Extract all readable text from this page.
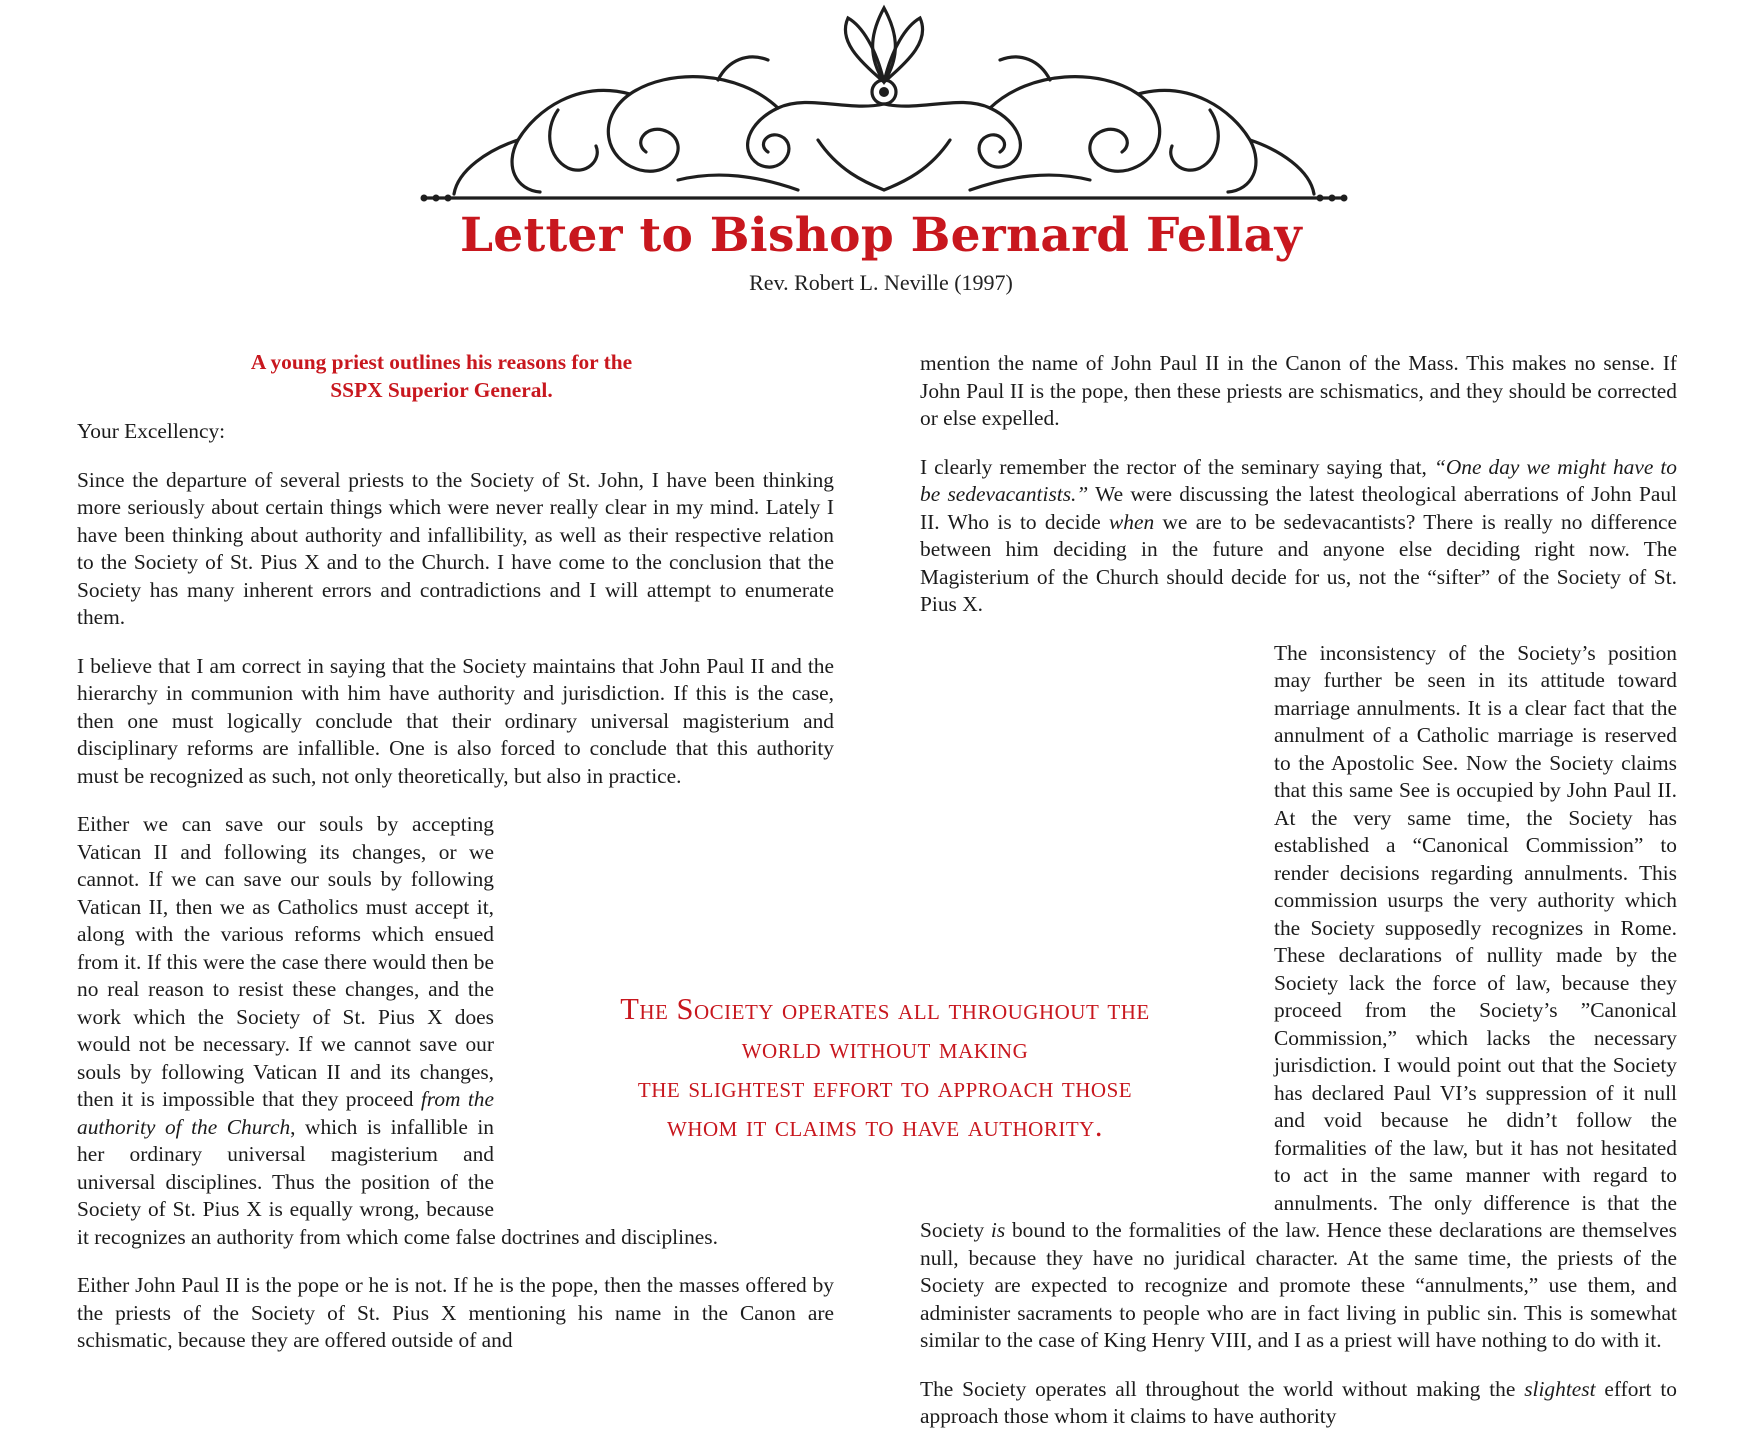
Letter to Bishop Bernard Fellay
Rev. Robert L. Neville (1997)
A young priest outlines his reasons for the
SSPX Superior General.

Your Excellency:

Since the departure of several priests to the Society of St. John, I have been thinking more seriously about certain things which were never really clear in my mind. Lately I have been thinking about authority and infallibility, as well as their respective relation to the Society of St. Pius X and to the Church. I have come to the conclusion that the Society has many inherent errors and contradictions and I will attempt to enumerate them.

I believe that I am correct in saying that the Society maintains that John Paul II and the hierarchy in communion with him have authority and jurisdiction. If this is the case, then one must logically conclude that their ordinary universal magisterium and disciplinary reforms are infallible. One is also forced to conclude that this authority must be recognized as such, not only theoretically, but also in practice.

Either we can save our souls by accepting Vatican II and following its changes, or we cannot. If we can save our souls by following Vatican II, then we as Catholics must accept it, along with the various reforms which ensued from it. If this were the case there would then be no real reason to resist these changes, and the work which the Society of St. Pius X does would not be necessary. If we cannot save our souls by following Vatican II and its changes, then it is impossible that they proceed from the authority of the Church, which is infallible in her ordinary universal magisterium and universal disciplines. Thus the position of the Society of St. Pius X is equally wrong, because it recognizes an authority from which come false doctrines and disciplines.

Either John Paul II is the pope or he is not. If he is the pope, then the masses offered by the priests of the Society of St. Pius X mentioning his name in the Canon are schismatic, because they are offered outside of and

mention the name of John Paul II in the Canon of the Mass. This makes no sense. If John Paul II is the pope, then these priests are schismatics, and they should be corrected or else expelled.

I clearly remember the rector of the seminary saying that, “One day we might have to be sedevacantists.” We were discussing the latest theological aberrations of John Paul II. Who is to decide when we are to be sedevacantists? There is really no difference between him deciding in the future and anyone else deciding right now. The Magisterium of the Church should decide for us, not the “sifter” of the Society of St. Pius X.

The inconsistency of the Society’s position may further be seen in its attitude toward marriage annulments. It is a clear fact that the annulment of a Catholic marriage is reserved to the Apostolic See. Now the Society claims that this same See is occupied by John Paul II. At the very same time, the Society has established a “Canonical Commission” to render decisions regarding annulments. This commission usurps the very authority which the Society supposedly recognizes in Rome. These declarations of nullity made by the Society lack the force of law, because they proceed from the Society’s ”Canonical Commission,” which lacks the necessary jurisdiction. I would point out that the Society has declared Paul VI’s suppression of it null and void because he didn’t follow the formalities of the law, but it has not hesitated to act in the same manner with regard to annulments. The only difference is that the Society is bound to the formalities of the law. Hence these declarations are themselves null, because they have no juridical character. At the same time, the priests of the Society are expected to recognize and promote these “annulments,” use them, and administer sacraments to people who are in fact living in public sin. This is somewhat similar to the case of King Henry VIII, and I as a priest will have nothing to do with it.

The Society operates all throughout the world without making the slightest effort to approach those whom it claims to have authority

The Society operates all throughout the
world without making
the slightest effort to approach those
whom it claims to have authority.
